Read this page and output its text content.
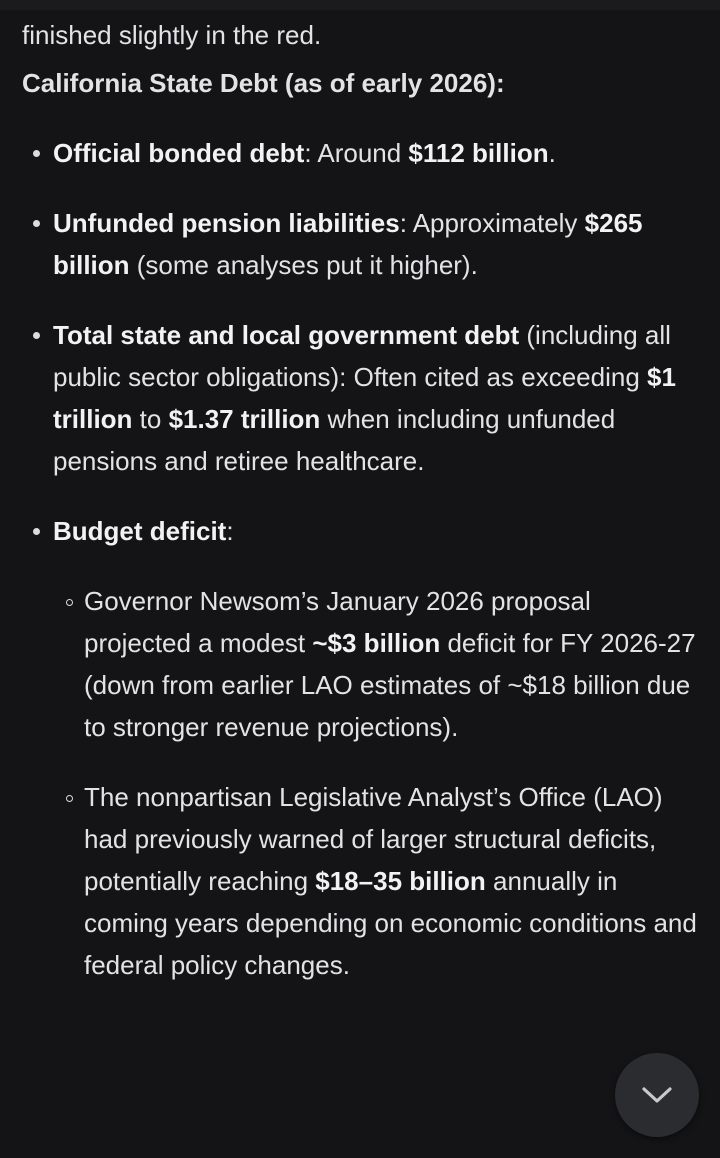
finished slightly in the red.

California State Debt (as of early 2026):
Official bonded debt: Around $112 billion.
Unfunded pension liabilities: Approximately $265 billion (some analyses put it higher).
Total state and local government debt (including all public sector obligations): Often cited as exceeding $1 trillion to $1.37 trillion when including unfunded pensions and retiree healthcare.
Budget deficit:
Governor Newsom’s January 2026 proposal projected a modest ~$3 billion deficit for FY 2026-27 (down from earlier LAO estimates of ~$18 billion due to stronger revenue projections).
The nonpartisan Legislative Analyst’s Office (LAO) had previously warned of larger structural deficits, potentially reaching $18–35 billion annually in coming years depending on economic conditions and federal policy changes.
